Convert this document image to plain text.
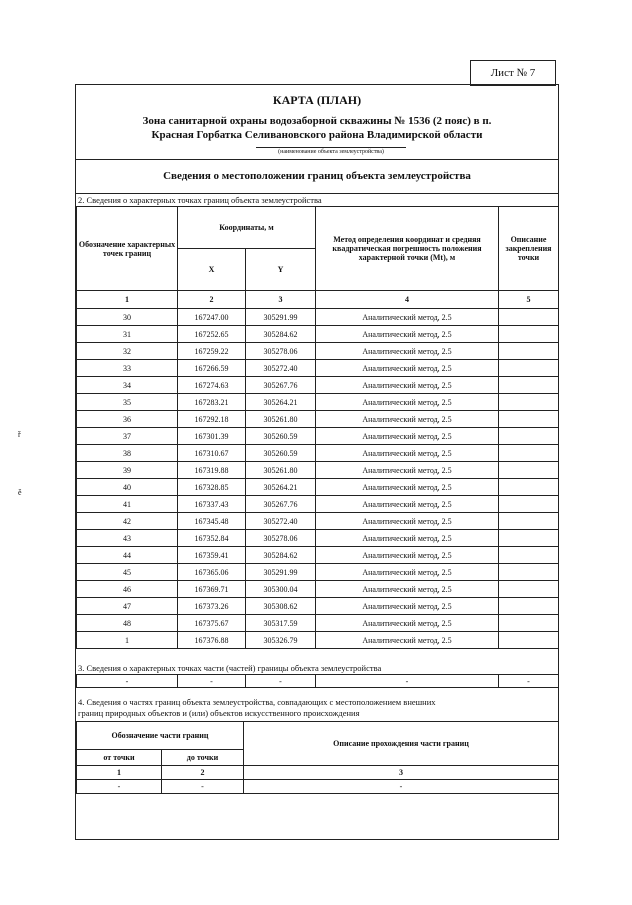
Лист № 7
ř
ě
КАРТА (ПЛАН)
Зона санитарной охраны водозаборной скважины № 1536 (2 пояс) в п.
Красная Горбатка Селивановского района Владимирской области
(наименование объекта землеустройства)
Сведения о местоположении границ объекта землеустройства
2. Сведения о характерных точках границ объекта землеустройства
Обозначение характерных точек границ	Координаты, м		Метод определения координат и средняя квадратическая погрешность положения характерной точки (Mt), м	Описание закрепления точки
	X	Y		
1	2	3	4	5
30	167247.00	305291.99	Аналитический метод, 2.5	
31	167252.65	305284.62	Аналитический метод, 2.5	
32	167259.22	305278.06	Аналитический метод, 2.5	
33	167266.59	305272.40	Аналитический метод, 2.5	
34	167274.63	305267.76	Аналитический метод, 2.5	
35	167283.21	305264.21	Аналитический метод, 2.5	
36	167292.18	305261.80	Аналитический метод, 2.5	
37	167301.39	305260.59	Аналитический метод, 2.5	
38	167310.67	305260.59	Аналитический метод, 2.5	
39	167319.88	305261.80	Аналитический метод, 2.5	
40	167328.85	305264.21	Аналитический метод, 2.5	
41	167337.43	305267.76	Аналитический метод, 2.5	
42	167345.48	305272.40	Аналитический метод, 2.5	
43	167352.84	305278.06	Аналитический метод, 2.5	
44	167359.41	305284.62	Аналитический метод, 2.5	
45	167365.06	305291.99	Аналитический метод, 2.5	
46	167369.71	305300.04	Аналитический метод, 2.5	
47	167373.26	305308.62	Аналитический метод, 2.5	
48	167375.67	305317.59	Аналитический метод, 2.5	
1	167376.88	305326.79	Аналитический метод, 2.5	
3. Сведения о характерных точках части (частей) границы объекта землеустройства
-	-	-	-	-
4. Сведения о частях границ объекта землеустройства, совпадающих с местоположением внешних
границ природных объектов и (или) объектов искусственного происхождения
Обозначение части границ		Описание прохождения части границ
от точки	до точки	
1	2	3
-	-	-
